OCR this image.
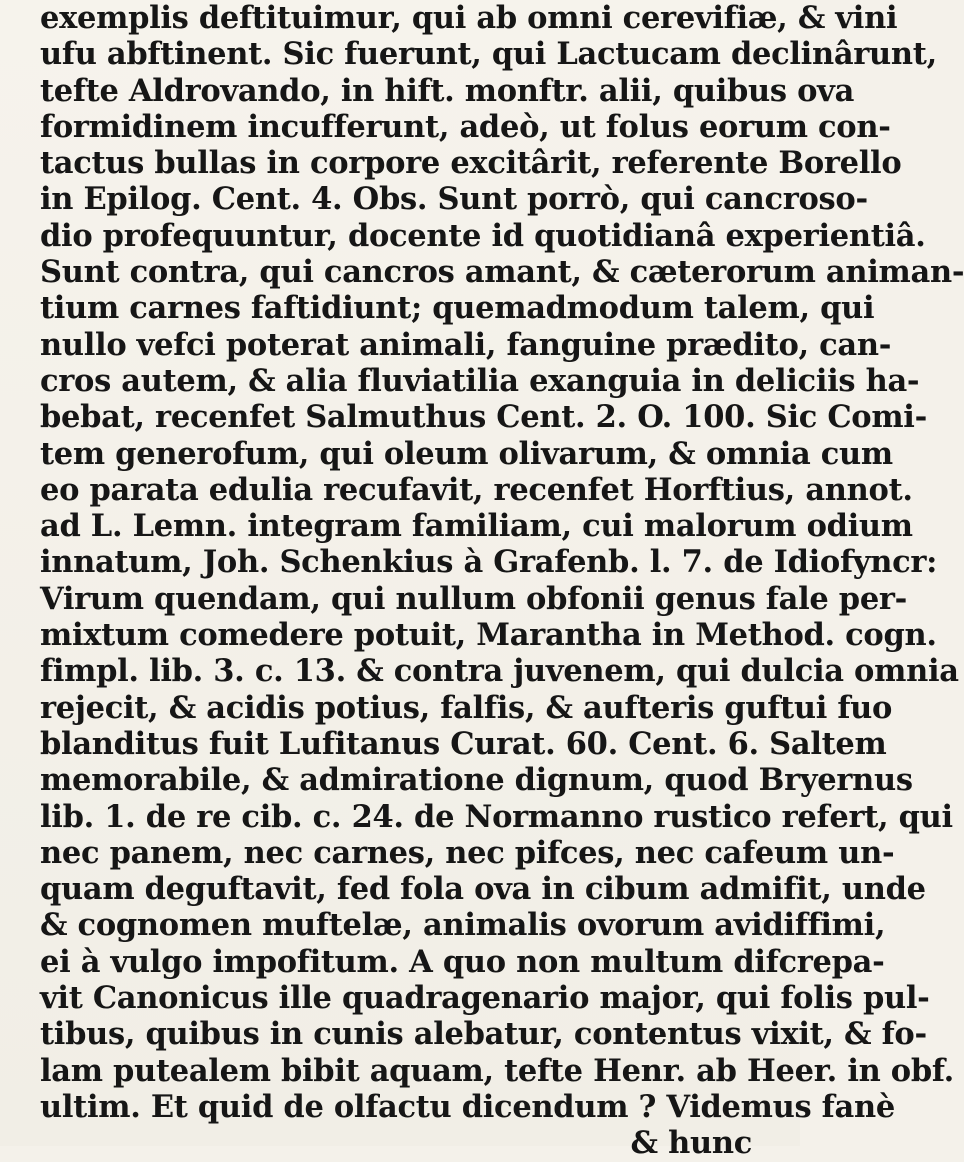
exemplis deftituimur, qui ab omni cerevifiæ, & vini
ufu abftinent. Sic fuerunt, qui Lactucam declinârunt,
tefte Aldrovando, in hift. monftr. alii, quibus ova
formidinem incufferunt, adeò, ut folus eorum con-
tactus bullas in corpore excitârit, referente Borello
in Epilog. Cent. 4. Obs. Sunt porrò, qui cancroso-
dio profequuntur, docente id quotidianâ experientiâ.
Sunt contra, qui cancros amant, & cæterorum animan-
tium carnes faftidiunt; quemadmodum talem, qui
nullo vefci poterat animali, fanguine prædito, can-
cros autem, & alia fluviatilia exanguia in deliciis ha-
bebat, recenfet Salmuthus Cent. 2. O. 100. Sic Comi-
tem generofum, qui oleum olivarum, & omnia cum
eo parata edulia recufavit, recenfet Horftius, annot.
ad L. Lemn. integram familiam, cui malorum odium
innatum, Joh. Schenkius à Grafenb. l. 7. de Idiofyncr:
Virum quendam, qui nullum obfonii genus fale per-
mixtum comedere potuit, Marantha in Method. cogn.
fimpl. lib. 3. c. 13. & contra juvenem, qui dulcia omnia
rejecit, & acidis potius, falfis, & aufteris guftui fuo
blanditus fuit Lufitanus Curat. 60. Cent. 6. Saltem
memorabile, & admiratione dignum, quod Bryernus
lib. 1. de re cib. c. 24. de Normanno rustico refert, qui
nec panem, nec carnes, nec pifces, nec cafeum un-
quam deguftavit, fed fola ova in cibum admifit, unde
& cognomen muftelæ, animalis ovorum avidiffimi,
ei à vulgo impofitum. A quo non multum difcrepa-
vit Canonicus ille quadragenario major, qui folis pul-
tibus, quibus in cunis alebatur, contentus vixit, & fo-
lam putealem bibit aquam, tefte Henr. ab Heer. in obf.
ultim. Et quid de olfactu dicendum ? Videmus fanè
& hunc
